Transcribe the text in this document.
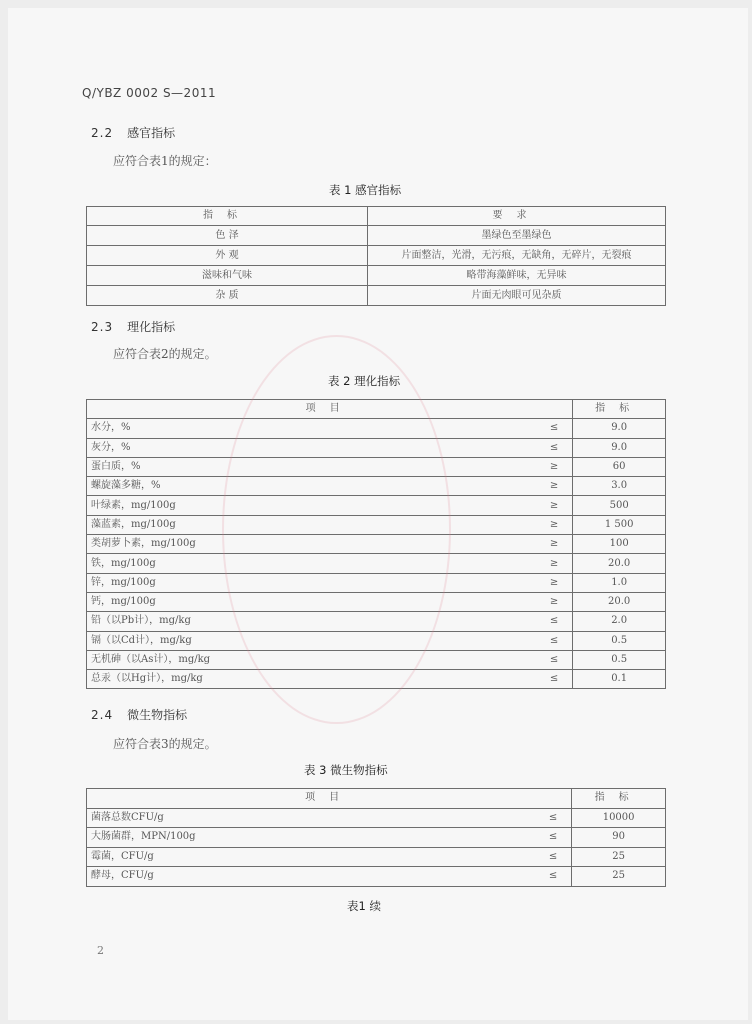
Q/YBZ 0002 S—2011
2.2 感官指标
应符合表1的规定：
表 1 感官指标
指标	要求
色 泽	墨绿色至墨绿色
外 观	片面整洁，光滑，无污痕，无缺角，无碎片，无裂痕
滋味和气味	略带海藻鲜味，无异味
杂 质	片面无肉眼可见杂质
2.3 理化指标
应符合表2的规定。
表 2 理化指标
项目		指标
水分，%	≤	9.0
灰分，%	≤	9.0
蛋白质，%	≥	60
螺旋藻多糖，%	≥	3.0
叶绿素，mg/100g	≥	500
藻蓝素，mg/100g	≥	1 500
类胡萝卜素，mg/100g	≥	100
铁，mg/100g	≥	20.0
锌，mg/100g	≥	1.0
钙，mg/100g	≥	20.0
铅（以Pb计），mg/kg	≤	2.0
镉（以Cd计），mg/kg	≤	0.5
无机砷（以As计），mg/kg	≤	0.5
总汞（以Hg计），mg/kg	≤	0.1
2.4 微生物指标
应符合表3的规定。
表 3 微生物指标
项目		指标
菌落总数CFU/g	≤	10000
大肠菌群，MPN/100g	≤	90
霉菌，CFU/g	≤	25
酵母，CFU/g	≤	25
表1 续
2
